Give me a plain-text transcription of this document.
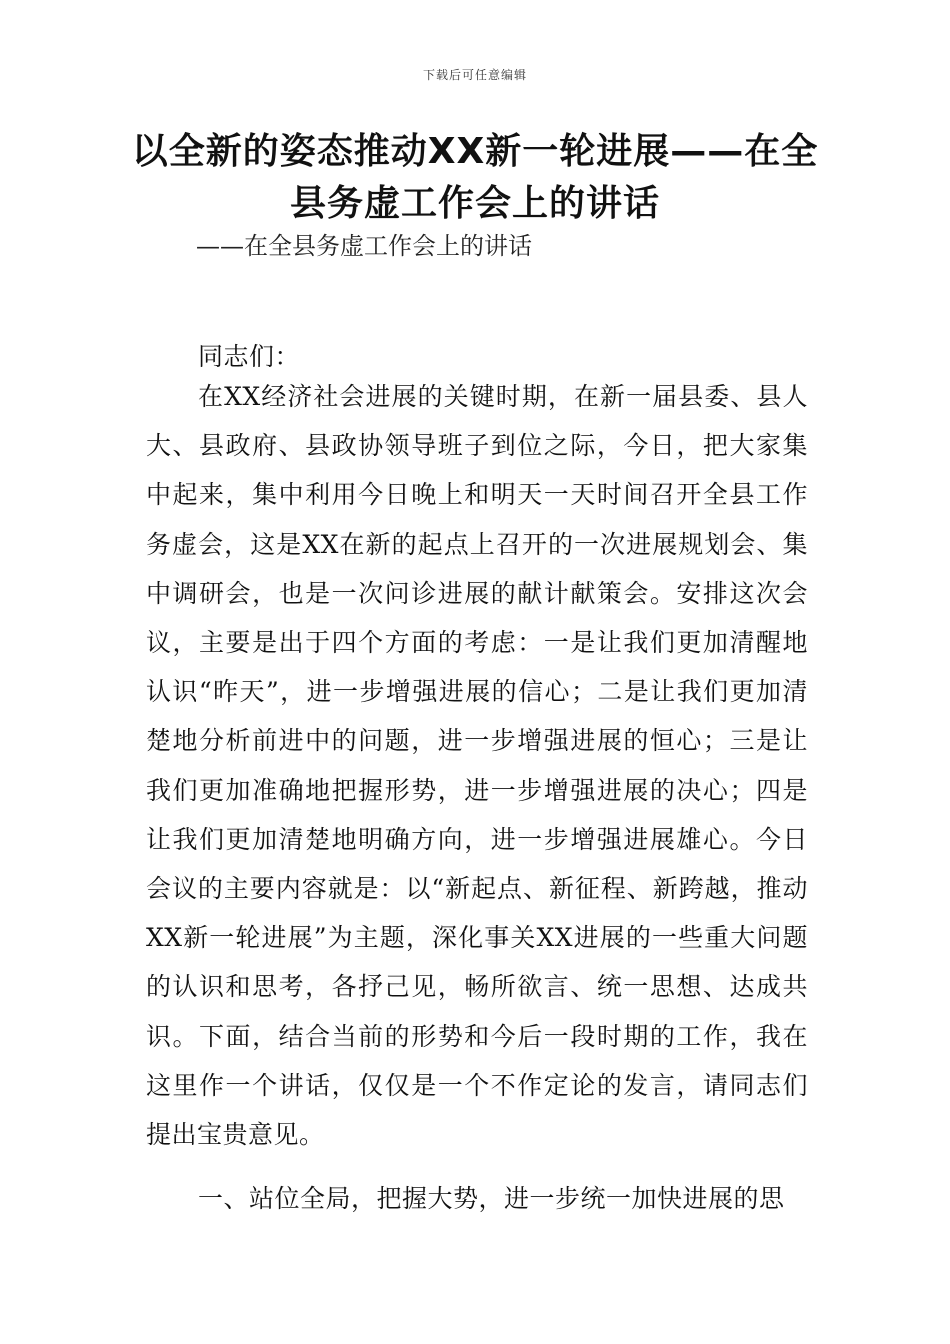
下载后可任意编辑
以全新的姿态推动XX新一轮进展——在全县务虚工作会上的讲话
——在全县务虚工作会上的讲话

同志们：

在XX经济社会进展的关键时期，在新一届县委、县人大、县政府、县政协领导班子到位之际，今日，把大家集中起来，集中利用今日晚上和明天一天时间召开全县工作务虚会，这是XX在新的起点上召开的一次进展规划会、集中调研会，也是一次问诊进展的献计献策会。安排这次会议，主要是出于四个方面的考虑：一是让我们更加清醒地认识“昨天”，进一步增强进展的信心；二是让我们更加清楚地分析前进中的问题，进一步增强进展的恒心；三是让我们更加准确地把握形势，进一步增强进展的决心；四是让我们更加清楚地明确方向，进一步增强进展雄心。今日会议的主要内容就是：以“新起点、新征程、新跨越，推动XX新一轮进展”为主题，深化事关XX进展的一些重大问题的认识和思考，各抒己见，畅所欲言、统一思想、达成共识。下面，结合当前的形势和今后一段时期的工作，我在这里作一个讲话，仅仅是一个不作定论的发言，请同志们提出宝贵意见。

一、站位全局，把握大势，进一步统一加快进展的思
